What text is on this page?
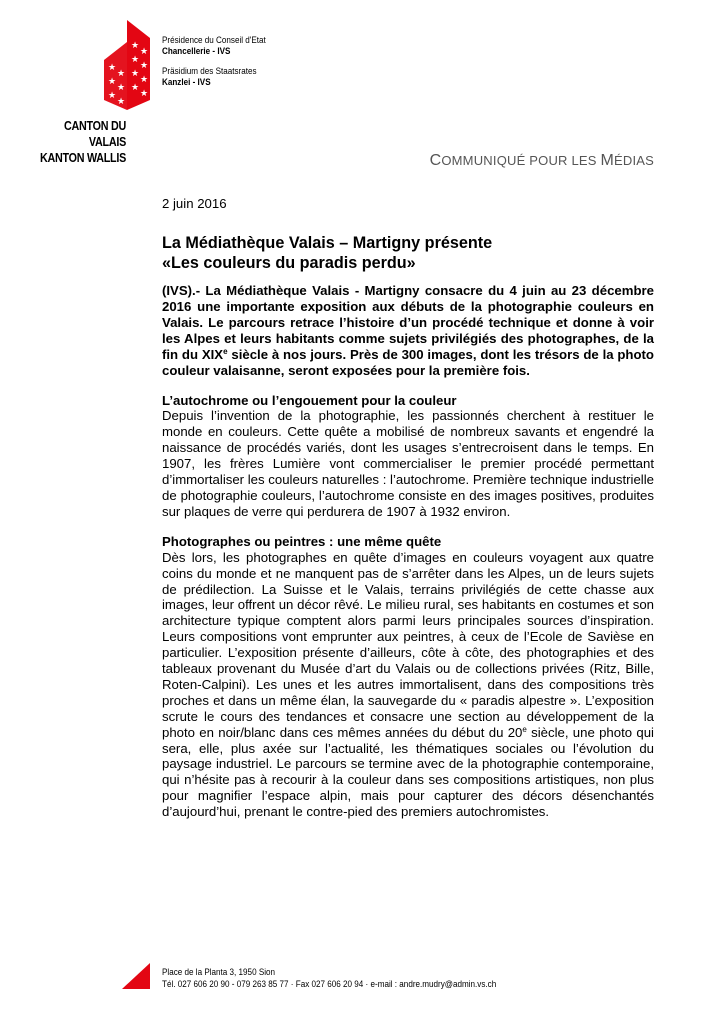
★
★
★
★
★
★
★
★
★
★
★
★
★
★
CANTON DU VALAIS
KANTON WALLIS
Présidence du Conseil d'Etat
Chancellerie - IVS
Präsidium des Staatsrates
Kanzlei - IVS
COMMUNIQUÉ POUR LES MÉDIAS

2 juin 2016

La Médiathèque Valais – Martigny présente
«Les couleurs du paradis perdu»

(IVS).- La Médiathèque Valais - Martigny consacre du 4 juin au 23 décembre 2016 une importante exposition aux débuts de la photographie couleurs en Valais. Le parcours retrace l’histoire d’un procédé technique et donne à voir les Alpes et leurs habitants comme sujets privilégiés des photographes, de la fin du XIXe siècle à nos jours. Près de 300 images, dont les trésors de la photo couleur valaisanne, seront exposées pour la première fois.

L’autochrome ou l’engouement pour la couleur

Depuis l’invention de la photographie, les passionnés cherchent à restituer le monde en couleurs. Cette quête a mobilisé de nombreux savants et engendré la naissance de procédés variés, dont les usages s’entrecroisent dans le temps. En 1907, les frères Lumière vont commercialiser le premier procédé permettant d’immortaliser les couleurs naturelles : l’autochrome. Première technique industrielle de photographie couleurs, l’autochrome consiste en des images positives, produites sur plaques de verre qui perdurera de 1907 à 1932 environ.

Photographes ou peintres : une même quête

Dès lors, les photographes en quête d’images en couleurs voyagent aux quatre coins du monde et ne manquent pas de s’arrêter dans les Alpes, un de leurs sujets de prédilection. La Suisse et le Valais, terrains privilégiés de cette chasse aux images, leur offrent un décor rêvé. Le milieu rural, ses habitants en costumes et son architecture typique comptent alors parmi leurs principales sources d’inspiration. Leurs compositions vont emprunter aux peintres, à ceux de l’Ecole de Savièse en particulier. L’exposition présente d’ailleurs, côte à côte, des photographies et des tableaux provenant du Musée d’art du Valais ou de collections privées (Ritz, Bille, Roten-Calpini). Les unes et les autres immortalisent, dans des compositions très proches et dans un même élan, la sauvegarde du « paradis alpestre ». L’exposition scrute le cours des tendances et consacre une section au développement de la photo en noir/blanc dans ces mêmes années du début du 20e siècle, une photo qui sera, elle, plus axée sur l’actualité, les thématiques sociales ou l’évolution du paysage industriel. Le parcours se termine avec de la photographie contemporaine, qui n’hésite pas à recourir à la couleur dans ses compositions artistiques, non plus pour magnifier l’espace alpin, mais pour capturer des décors désenchantés d’aujourd’hui, prenant le contre-pied des premiers autochromistes.

Place de la Planta 3, 1950 Sion
Tél. 027 606 20 90 - 079 263 85 77 · Fax 027 606 20 94 · e-mail : andre.mudry@admin.vs.ch
